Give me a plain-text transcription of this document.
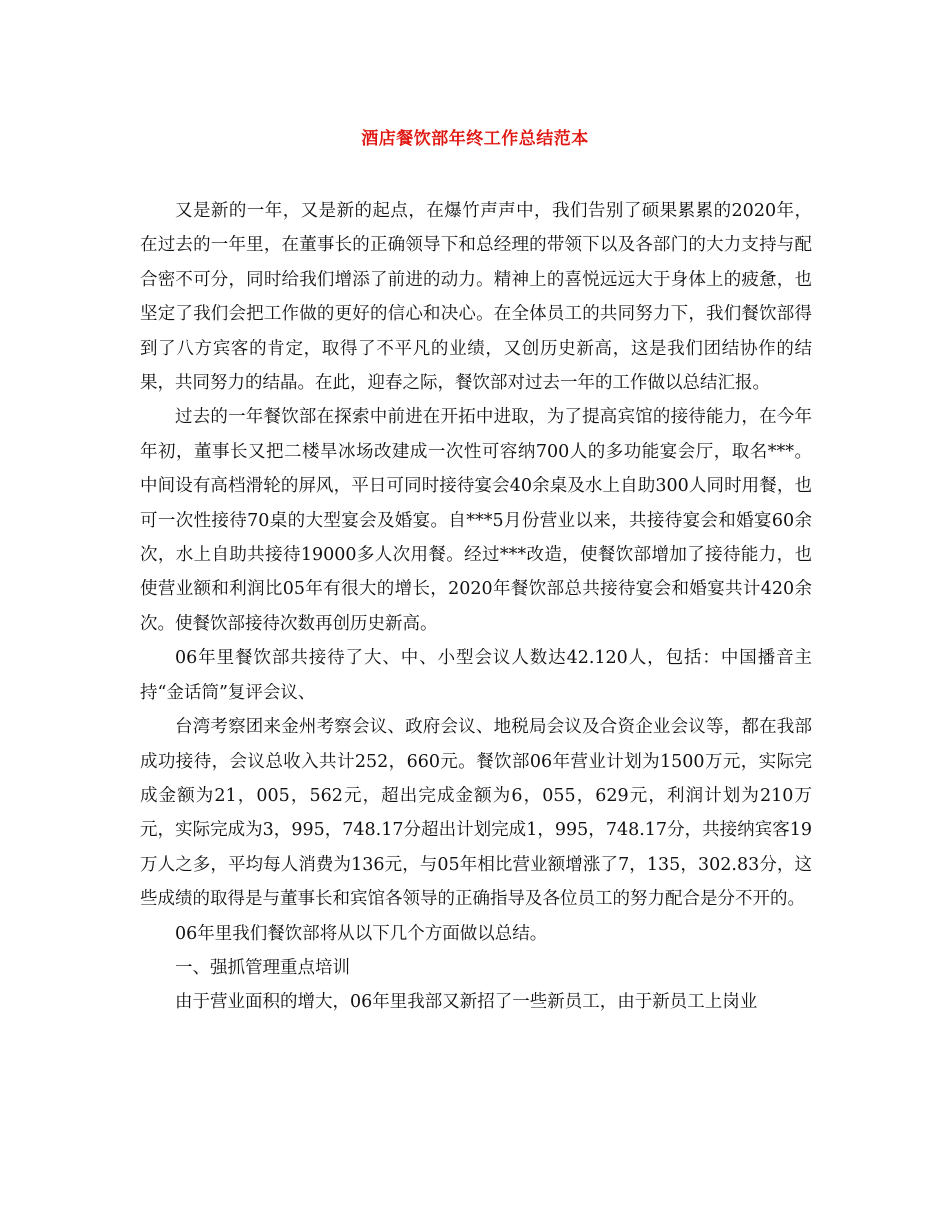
酒店餐饮部年终工作总结范本

又是新的一年，又是新的起点，在爆竹声声中，我们告别了硕果累累的2020年，在过去的一年里，在董事长的正确领导下和总经理的带领下以及各部门的大力支持与配合密不可分，同时给我们增添了前进的动力。精神上的喜悦远远大于身体上的疲惫，也坚定了我们会把工作做的更好的信心和决心。在全体员工的共同努力下，我们餐饮部得到了八方宾客的肯定，取得了不平凡的业绩，又创历史新高，这是我们团结协作的结果，共同努力的结晶。在此，迎春之际，餐饮部对过去一年的工作做以总结汇报。

过去的一年餐饮部在探索中前进在开拓中进取，为了提高宾馆的接待能力，在今年年初，董事长又把二楼旱冰场改建成一次性可容纳700人的多功能宴会厅，取名***。中间设有高档滑轮的屏风，平日可同时接待宴会40余桌及水上自助300人同时用餐，也可一次性接待70桌的大型宴会及婚宴。自***5月份营业以来，共接待宴会和婚宴60余次，水上自助共接待19000多人次用餐。经过***改造，使餐饮部增加了接待能力，也使营业额和利润比05年有很大的增长，2020年餐饮部总共接待宴会和婚宴共计420余次。使餐饮部接待次数再创历史新高。

06年里餐饮部共接待了大、中、小型会议人数达42.120人，包括：中国播音主持“金话筒”复评会议、

台湾考察团来金州考察会议、政府会议、地税局会议及合资企业会议等，都在我部成功接待，会议总收入共计252，660元。餐饮部06年营业计划为1500万元，实际完成金额为21，005，562元，超出完成金额为6，055，629元，利润计划为210万元，实际完成为3，995，748.17分超出计划完成1，995，748.17分，共接纳宾客19万人之多，平均每人消费为136元，与05年相比营业额增涨了7，135，302.83分，这些成绩的取得是与董事长和宾馆各领导的正确指导及各位员工的努力配合是分不开的。

06年里我们餐饮部将从以下几个方面做以总结。

一、强抓管理重点培训

由于营业面积的增大，06年里我部又新招了一些新员工，由于新员工上岗业
